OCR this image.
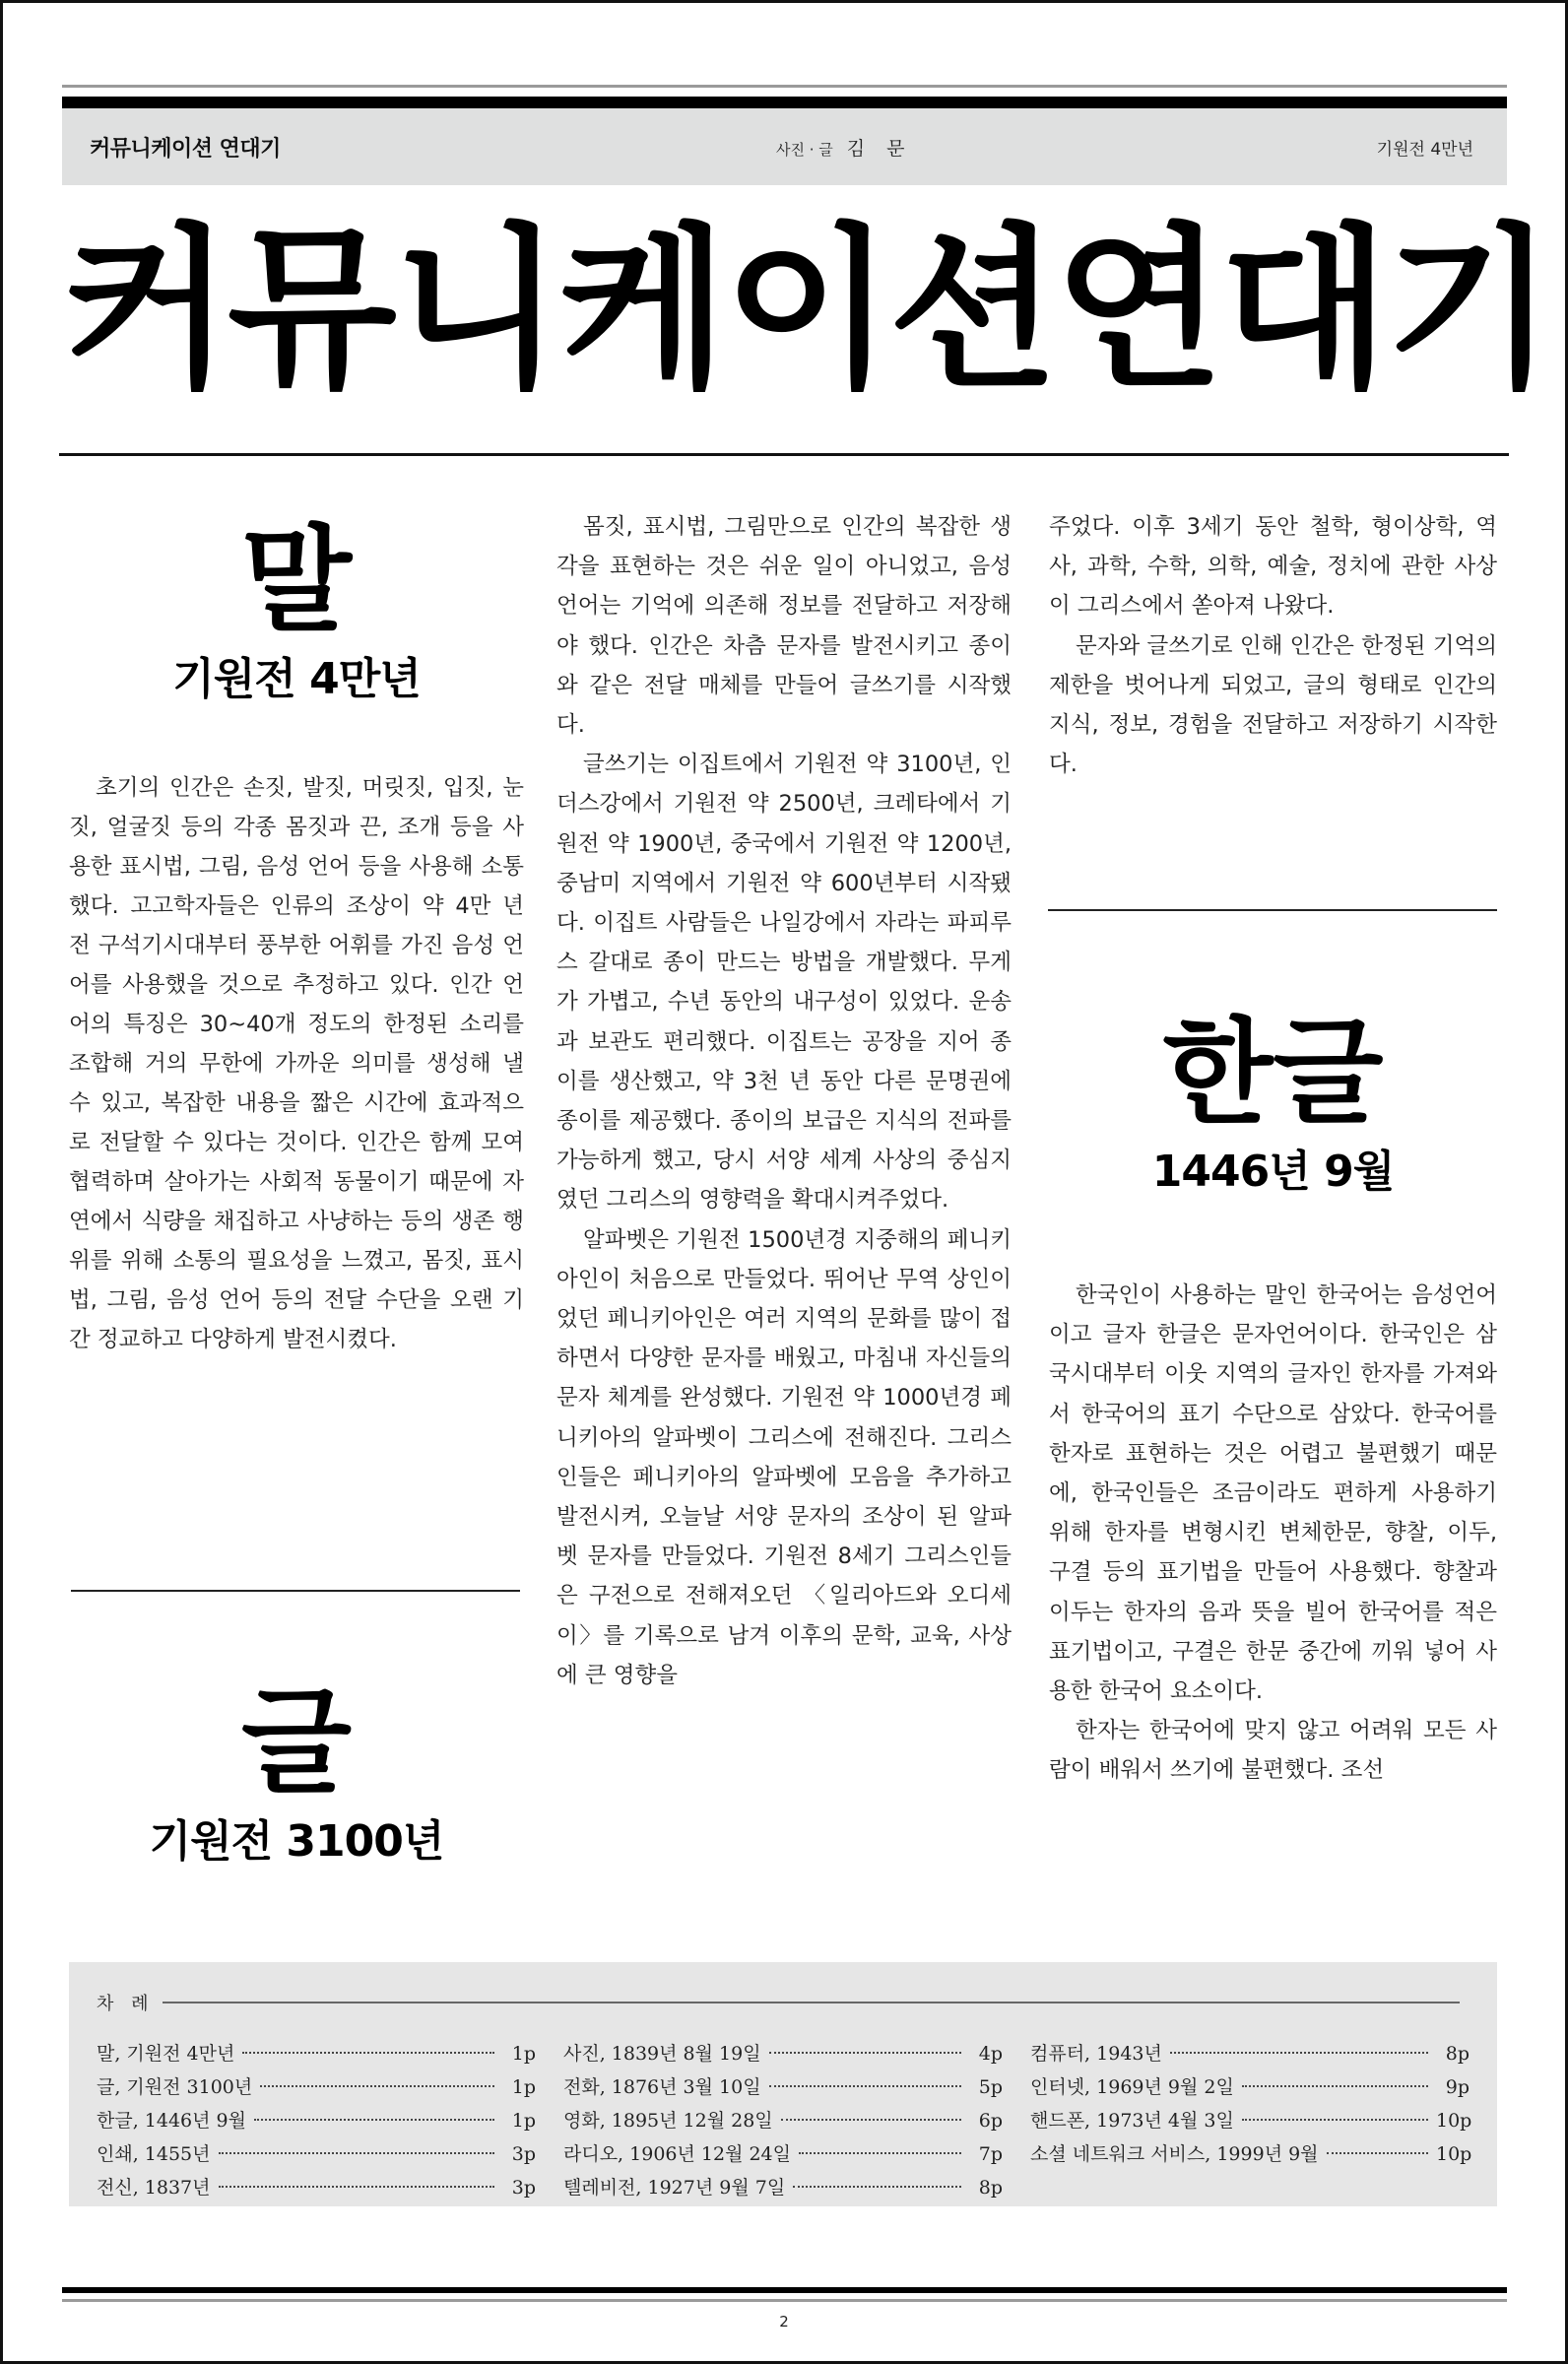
커뮤니케이션 연대기	사진 · 글 김 문	기원전 4만년
커뮤니케이션연대기
말
기원전 4만년

초기의 인간은 손짓, 발짓, 머릿짓, 입짓, 눈짓, 얼굴짓 등의 각종 몸짓과 끈, 조개 등을 사용한 표시법, 그림, 음성 언어 등을 사용해 소통했다. 고고학자들은 인류의 조상이 약 4만 년 전 구석기시대부터 풍부한 어휘를 가진 음성 언어를 사용했을 것으로 추정하고 있다. 인간 언어의 특징은 30~40개 정도의 한정된 소리를 조합해 거의 무한에 가까운 의미를 생성해 낼 수 있고, 복잡한 내용을 짧은 시간에 효과적으로 전달할 수 있다는 것이다. 인간은 함께 모여 협력하며 살아가는 사회적 동물이기 때문에 자연에서 식량을 채집하고 사냥하는 등의 생존 행위를 위해 소통의 필요성을 느꼈고, 몸짓, 표시법, 그림, 음성 언어 등의 전달 수단을 오랜 기간 정교하고 다양하게 발전시켰다.

글
기원전 3100년

몸짓, 표시법, 그림만으로 인간의 복잡한 생각을 표현하는 것은 쉬운 일이 아니었고, 음성 언어는 기억에 의존해 정보를 전달하고 저장해야 했다. 인간은 차츰 문자를 발전시키고 종이와 같은 전달 매체를 만들어 글쓰기를 시작했다.

글쓰기는 이집트에서 기원전 약 3100년, 인더스강에서 기원전 약 2500년, 크레타에서 기원전 약 1900년, 중국에서 기원전 약 1200년, 중남미 지역에서 기원전 약 600년부터 시작됐다. 이집트 사람들은 나일강에서 자라는 파피루스 갈대로 종이 만드는 방법을 개발했다. 무게가 가볍고, 수년 동안의 내구성이 있었다. 운송과 보관도 편리했다. 이집트는 공장을 지어 종이를 생산했고, 약 3천 년 동안 다른 문명권에 종이를 제공했다. 종이의 보급은 지식의 전파를 가능하게 했고, 당시 서양 세계 사상의 중심지였던 그리스의 영향력을 확대시켜주었다.

알파벳은 기원전 1500년경 지중해의 페니키아인이 처음으로 만들었다. 뛰어난 무역 상인이었던 페니키아인은 여러 지역의 문화를 많이 접하면서 다양한 문자를 배웠고, 마침내 자신들의 문자 체계를 완성했다. 기원전 약 1000년경 페니키아의 알파벳이 그리스에 전해진다. 그리스인들은 페니키아의 알파벳에 모음을 추가하고 발전시켜, 오늘날 서양 문자의 조상이 된 알파벳 문자를 만들었다. 기원전 8세기 그리스인들은 구전으로 전해져오던 〈일리아드와 오디세이〉를 기록으로 남겨 이후의 문학, 교육, 사상에 큰 영향을

주었다. 이후 3세기 동안 철학, 형이상학, 역사, 과학, 수학, 의학, 예술, 정치에 관한 사상이 그리스에서 쏟아져 나왔다.

문자와 글쓰기로 인해 인간은 한정된 기억의 제한을 벗어나게 되었고, 글의 형태로 인간의 지식, 정보, 경험을 전달하고 저장하기 시작한다.

한글
1446년 9월

한국인이 사용하는 말인 한국어는 음성언어이고 글자 한글은 문자언어이다. 한국인은 삼국시대부터 이웃 지역의 글자인 한자를 가져와서 한국어의 표기 수단으로 삼았다. 한국어를 한자로 표현하는 것은 어렵고 불편했기 때문에, 한국인들은 조금이라도 편하게 사용하기 위해 한자를 변형시킨 변체한문, 향찰, 이두, 구결 등의 표기법을 만들어 사용했다. 향찰과 이두는 한자의 음과 뜻을 빌어 한국어를 적은 표기법이고, 구결은 한문 중간에 끼워 넣어 사용한 한국어 요소이다.

한자는 한국어에 맞지 않고 어려워 모든 사람이 배워서 쓰기에 불편했다. 조선

차 례
말, 기원전 4만년	1p
글, 기원전 3100년	1p
한글, 1446년 9월	1p
인쇄, 1455년	3p
전신, 1837년	3p
사진, 1839년 8월 19일	4p
전화, 1876년 3월 10일	5p
영화, 1895년 12월 28일	6p
라디오, 1906년 12월 24일	7p
텔레비전, 1927년 9월 7일	8p
컴퓨터, 1943년	8p
인터넷, 1969년 9월 2일	9p
핸드폰, 1973년 4월 3일	10p
소셜 네트워크 서비스, 1999년 9월	10p
2
